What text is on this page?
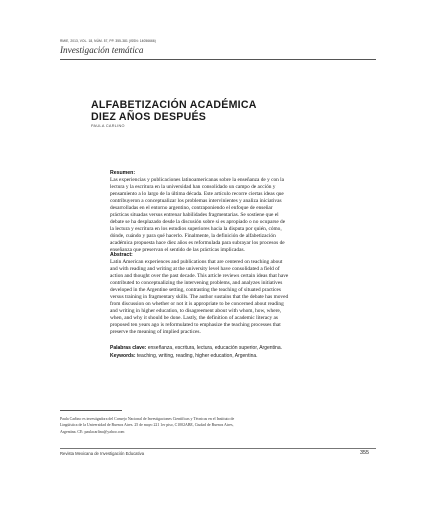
RMIE, 2013, VOL. 18, NÚM. 57, PP. 355-381 (ISSN: 14056666)
Investigación temática
ALFABETIZACIÓN ACADÉMICA
DIEZ AÑOS DESPUÉS
PAULA CARLINO
Resumen:
Las experiencias y publicaciones latinoamericanas sobre la enseñanza de y con la
lectura y la escritura en la universidad han consolidado un campo de acción y
pensamiento a lo largo de la última década. Este artículo recorre ciertas ideas que
contribuyeron a conceptualizar los problemas intervinientes y analiza iniciativas
desarrolladas en el entorno argentino, contraponiendo el enfoque de enseñar
prácticas situadas versus entrenar habilidades fragmentarias. Se sostiene que el
debate se ha desplazado desde la discusión sobre si es apropiado o no ocuparse de
la lectura y escritura en los estudios superiores hacia la disputa por quién, cómo,
dónde, cuándo y para qué hacerlo. Finalmente, la definición de alfabetización
académica propuesta hace diez años es reformulada para subrayar los procesos de
enseñanza que preservan el sentido de las prácticas implicadas.
Abstract:
Latin American experiences and publications that are centered on teaching about
and with reading and writing at the university level have consolidated a field of
action and thought over the past decade. This article reviews certain ideas that have
contributed to conceptualizing the intervening problems, and analyzes initiatives
developed in the Argentine setting, contrasting the teaching of situated practices
versus training in fragmentary skills. The author sustains that the debate has moved
from discussion on whether or not it is appropriate to be concerned about reading
and writing in higher education, to disagreement about with whom, how, where,
when, and why it should be done. Lastly, the definition of academic literacy as
proposed ten years ago is reformulated to emphasize the teaching processes that
preserve the meaning of implied practices.
Palabras clave: enseñanza, escritura, lectura, educación superior, Argentina.
Keywords: teaching, writing, reading, higher education, Argentina.
Paula Carlino es investigadora del Consejo Nacional de Investigaciones Científicas y Técnicas en el Instituto de
Lingüística de la Universidad de Buenos Aires. 25 de mayo 221 1er piso, C1002ABE, Ciudad de Buenos Aires,
Argentina. CE: paulacarlino@yahoo.com
Revista Mexicana de Investigación Educativa	355
